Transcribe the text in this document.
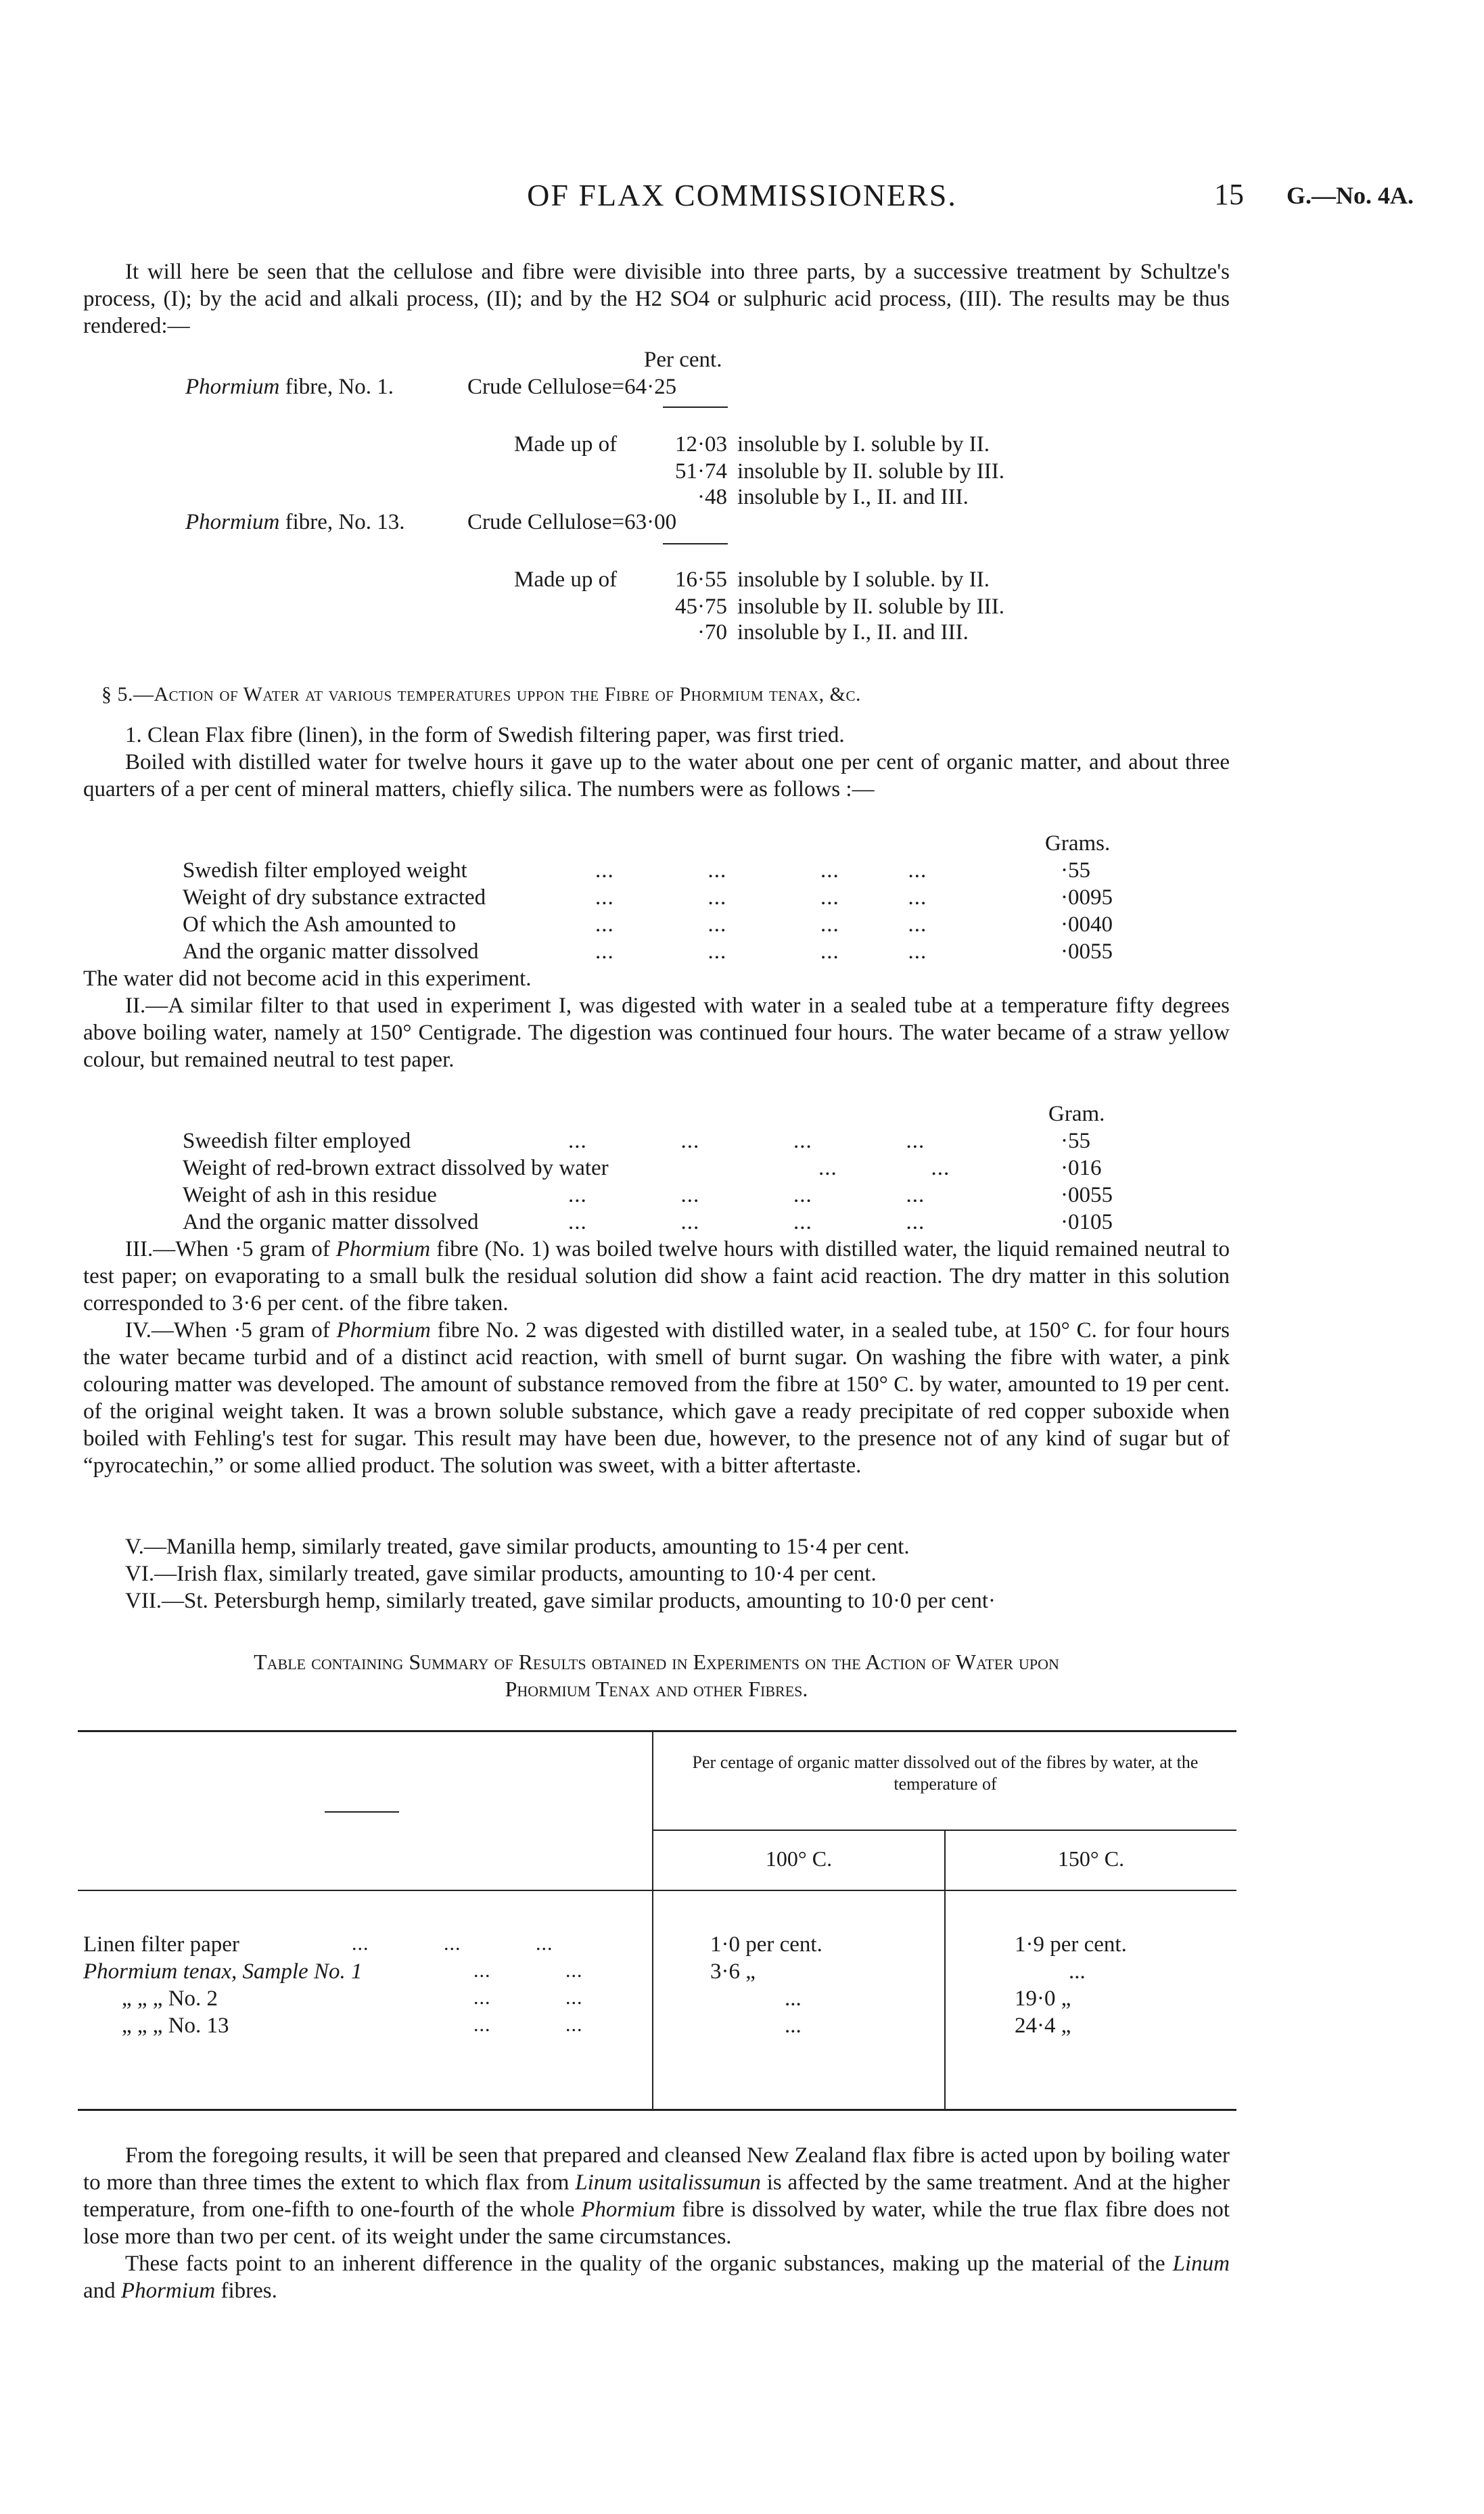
OF FLAX COMMISSIONERS.	15 G.—No. 4A.
It will here be seen that the cellulose and fibre were divisible into three parts, by a successive treatment by Schultze's process, (I); by the acid and alkali process, (II); and by the H2 SO4 or sulphuric acid process, (III). The results may be thus rendered:—
Per cent.
Phormium fibre, No. 1.	Crude Cellulose=64·25
Made up of	12·03 insoluble by I. soluble by II.
51·74 insoluble by II. soluble by III.
·48 insoluble by I., II. and III.
Phormium fibre, No. 13.	Crude Cellulose=63·00
Made up of	16·55 insoluble by I soluble. by II.
45·75 insoluble by II. soluble by III.
·70 insoluble by I., II. and III.
§ 5.—Action of Water at various temperatures uppon the Fibre of Phormium tenax, &c.
1. Clean Flax fibre (linen), in the form of Swedish filtering paper, was first tried.
Boiled with distilled water for twelve hours it gave up to the water about one per cent of organic matter, and about three quarters of a per cent of mineral matters, chiefly silica. The numbers were as follows :—
Grams.
Swedish filter employed weight	...               ...               ...           ...	·55
Weight of dry substance extracted	...               ...               ...           ...	·0095
Of which the Ash amounted to	...               ...               ...           ...	·0040
And the organic matter dissolved	...               ...               ...           ...	·0055
The water did not become acid in this experiment.
II.—A similar filter to that used in experiment I, was digested with water in a sealed tube at a temperature fifty degrees above boiling water, namely at 150° Centigrade. The digestion was continued four hours. The water became of a straw yellow colour, but remained neutral to test paper.
Gram.
Sweedish filter employed	...               ...               ...               ...	·55
Weight of red-brown extract dissolved by water	...               ...	·016
Weight of ash in this residue	...               ...               ...               ...	·0055
And the organic matter dissolved	...               ...               ...               ...	·0105
III.—When ·5 gram of Phormium fibre (No. 1) was boiled twelve hours with distilled water, the liquid remained neutral to test paper; on evaporating to a small bulk the residual solution did show a faint acid reaction. The dry matter in this solution corresponded to 3·6 per cent. of the fibre taken.
IV.—When ·5 gram of Phormium fibre No. 2 was digested with distilled water, in a sealed tube, at 150° C. for four hours the water became turbid and of a distinct acid reaction, with smell of burnt sugar. On washing the fibre with water, a pink colouring matter was developed. The amount of substance removed from the fibre at 150° C. by water, amounted to 19 per cent. of the original weight taken. It was a brown soluble substance, which gave a ready precipitate of red copper suboxide when boiled with Fehling's test for sugar. This result may have been due, however, to the presence not of any kind of sugar but of “pyrocatechin,” or some allied product. The solution was sweet, with a bitter aftertaste.
V.—Manilla hemp, similarly treated, gave similar products, amounting to 15·4 per cent.
VI.—Irish flax, similarly treated, gave similar products, amounting to 10·4 per cent.
VII.—St. Petersburgh hemp, similarly treated, gave similar products, amounting to 10·0 per cent·
Table containing Summary of Results obtained in Experiments on the Action of Water upon
Phormium Tenax and other Fibres.
Per centage of organic matter dissolved out of the fibres by water, at the temperature of
100° C.	150° C.
Linen filter paper	...             ...             ...	1·0 per cent.	1·9 per cent.
Phormium tenax, Sample No. 1	...             ...	3·6 „	...
„ „ „ No. 2	...             ...	...	19·0 „
„ „ „ No. 13	...             ...	...	24·4 „
From the foregoing results, it will be seen that prepared and cleansed New Zealand flax fibre is acted upon by boiling water to more than three times the extent to which flax from Linum usitalissumun is affected by the same treatment. And at the higher temperature, from one-fifth to one-fourth of the whole Phormium fibre is dissolved by water, while the true flax fibre does not lose more than two per cent. of its weight under the same circumstances.
These facts point to an inherent difference in the quality of the organic substances, making up the material of the Linum and Phormium fibres.
